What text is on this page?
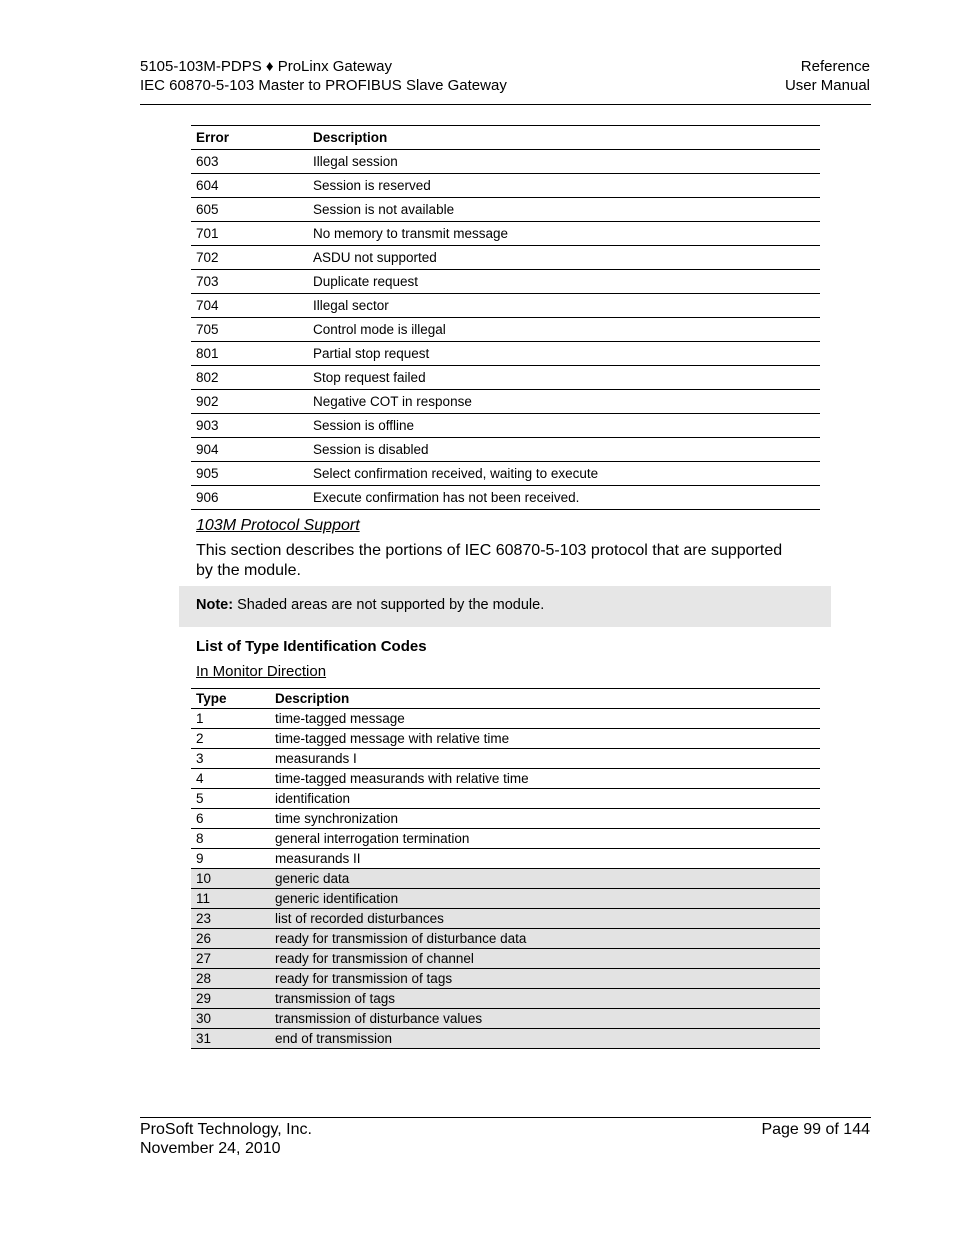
5105-103M-PDPS ♦ ProLinx Gateway
IEC 60870-5-103 Master to PROFIBUS Slave Gateway
Reference
User Manual
Error	Description
603	Illegal session
604	Session is reserved
605	Session is not available
701	No memory to transmit message
702	ASDU not supported
703	Duplicate request
704	Illegal sector
705	Control mode is illegal
801	Partial stop request
802	Stop request failed
902	Negative COT in response
903	Session is offline
904	Session is disabled
905	Select confirmation received, waiting to execute
906	Execute confirmation has not been received.
103M Protocol Support
This section describes the portions of IEC 60870-5-103 protocol that are supported by the module.
Note: Shaded areas are not supported by the module.
List of Type Identification Codes
In Monitor Direction
Type	Description
1	time-tagged message
2	time-tagged message with relative time
3	measurands I
4	time-tagged measurands with relative time
5	identification
6	time synchronization
8	general interrogation termination
9	measurands II
10	generic data
11	generic identification
23	list of recorded disturbances
26	ready for transmission of disturbance data
27	ready for transmission of channel
28	ready for transmission of tags
29	transmission of tags
30	transmission of disturbance values
31	end of transmission
ProSoft Technology, Inc.
November 24, 2010
Page 99 of 144
